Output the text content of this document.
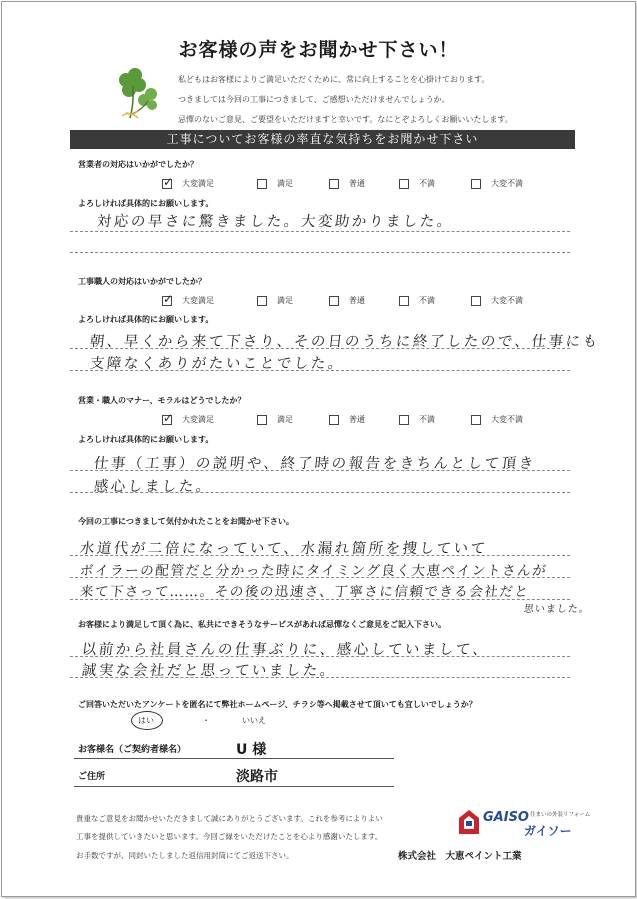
お客様の声をお聞かせ下さい！
私どもはお客様によりご満足いただくために、常に向上することを心掛けております。
つきましては今回の工事につきまして、ご感想いただけませんでしょうか。
忌憚のないご意見、ご要望をいただけますと幸いです。なにとぞよろしくお願いいたします。
工事についてお客様の率直な気持ちをお聞かせ下さい
営業者の対応はいかがでしたか？
✓
大変満足	満足	普通	不満	大変不満
よろしければ具体的にお願いします。
対応の早さに驚きました。大変助かりました。
工事職人の対応はいかがでしたか？
✓
大変満足	満足	普通	不満	大変不満
よろしければ具体的にお願いします。
朝、早くから来て下さり、その日のうちに終了したので、仕事にも
支障なくありがたいことでした。
営業・職人のマナー、モラルはどうでしたか？
✓
大変満足	満足	普通	不満	大変不満
よろしければ具体的にお願いします。
仕事（工事）の説明や、終了時の報告をきちんとして頂き
感心しました。
今回の工事につきまして気付かれたことをお聞かせ下さい。
水道代が二倍になっていて、水漏れ箇所を捜していて
ボイラーの配管だと分かった時にタイミング良く大恵ペイントさんが
来て下さって……。その後の迅速さ、丁寧さに信頼できる会社だと
思いました。
お客様により満足して頂く為に、私共にできそうなサービスがあれば忌憚なくご意見をご記入下さい。
以前から社員さんの仕事ぶりに、感心していまして、
誠実な会社だと思っていました。
ご回答いただいたアンケートを匿名にて弊社ホームページ、チラシ等へ掲載させて頂いても宜しいでしょうか？
はい	・	いいえ
お客様名（ご契約者様名）	U 様
ご住所	淡路市
貴重なご意見をお聞かせいただきまして誠にありがとうございます。これを参考によりよい
工事を提供していきたいと思います。今回ご縁をいただけたことを心より感謝いたします。
お手数ですが、同封いたしました返信用封筒にてご返送下さい。
GAISO 住まいの外装リフォーム
ガイソー
株式会社　大恵ペイント工業
